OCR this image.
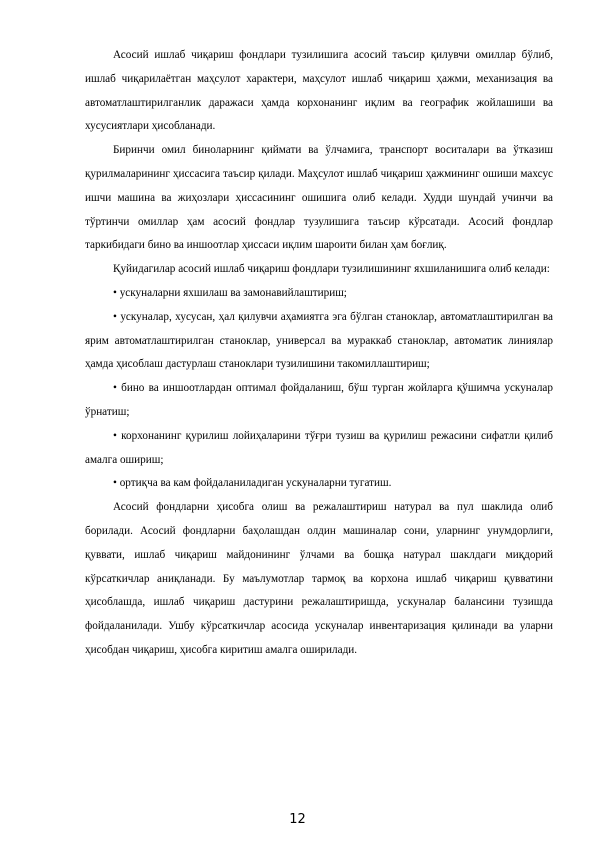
Асосий ишлаб чиқариш фондлари тузилишига асосий таъсир қилувчи омиллар бўлиб, ишлаб чиқарилаётган маҳсулот характери, маҳсулот ишлаб чиқариш ҳажми, механизация ва автоматлаштирилганлик даражаси ҳамда корхонанинг иқлим ва географик жойлашиши ва хусусиятлари ҳисобланади.

Биринчи омил биноларнинг қиймати ва ўлчамига, транспорт воситалари ва ўтказиш қурилмаларининг ҳиссасига таъсир қилади. Маҳсулот ишлаб чиқариш ҳажмининг ошиши махсус ишчи машина ва жиҳозлари ҳиссасининг ошишига олиб келади. Худди шундай учинчи ва тўртинчи омиллар ҳам асосий фондлар тузулишига таъсир кўрсатади. Асосий фондлар таркибидаги бино ва иншоотлар ҳиссаси иқлим шароити билан ҳам боғлиқ.

Қуйидагилар асосий ишлаб чиқариш фондлари тузилишининг яхшиланишига олиб келади:

• ускуналарни яхшилаш ва замонавийлаштириш;

• ускуналар, хусусан, ҳал қилувчи аҳамиятга эга бўлган станоклар, автоматлаштирилган ва ярим автоматлаштирилган станоклар, универсал ва мураккаб станоклар, автоматик линиялар ҳамда ҳисоблаш дастурлаш станоклари тузилишини такомиллаштириш;

• бино ва иншоотлардан оптимал фойдаланиш, бўш турган жойларга қўшимча ускуналар ўрнатиш;

• корхонанинг қурилиш лойиҳаларини тўғри тузиш ва қурилиш режасини сифатли қилиб амалга ошириш;

• ортиқча ва кам фойдаланиладиган ускуналарни тугатиш.

Асосий фондларни ҳисобга олиш ва режалаштириш натурал ва пул шаклида олиб борилади. Асосий фондларни баҳолашдан олдин машиналар сони, уларнинг унумдорлиги, қуввати, ишлаб чиқариш майдонининг ўлчами ва бошқа натурал шаклдаги миқдорий кўрсаткичлар аниқланади. Бу маълумотлар тармоқ ва корхона ишлаб чиқариш қувватини ҳисоблашда, ишлаб чиқариш дастурини режалаштиришда, ускуналар балансини тузишда фойдаланилади. Ушбу кўрсаткичлар асосида ускуналар инвентаризация қилинади ва уларни ҳисобдан чиқариш, ҳисобга киритиш амалга оширилади.

12
